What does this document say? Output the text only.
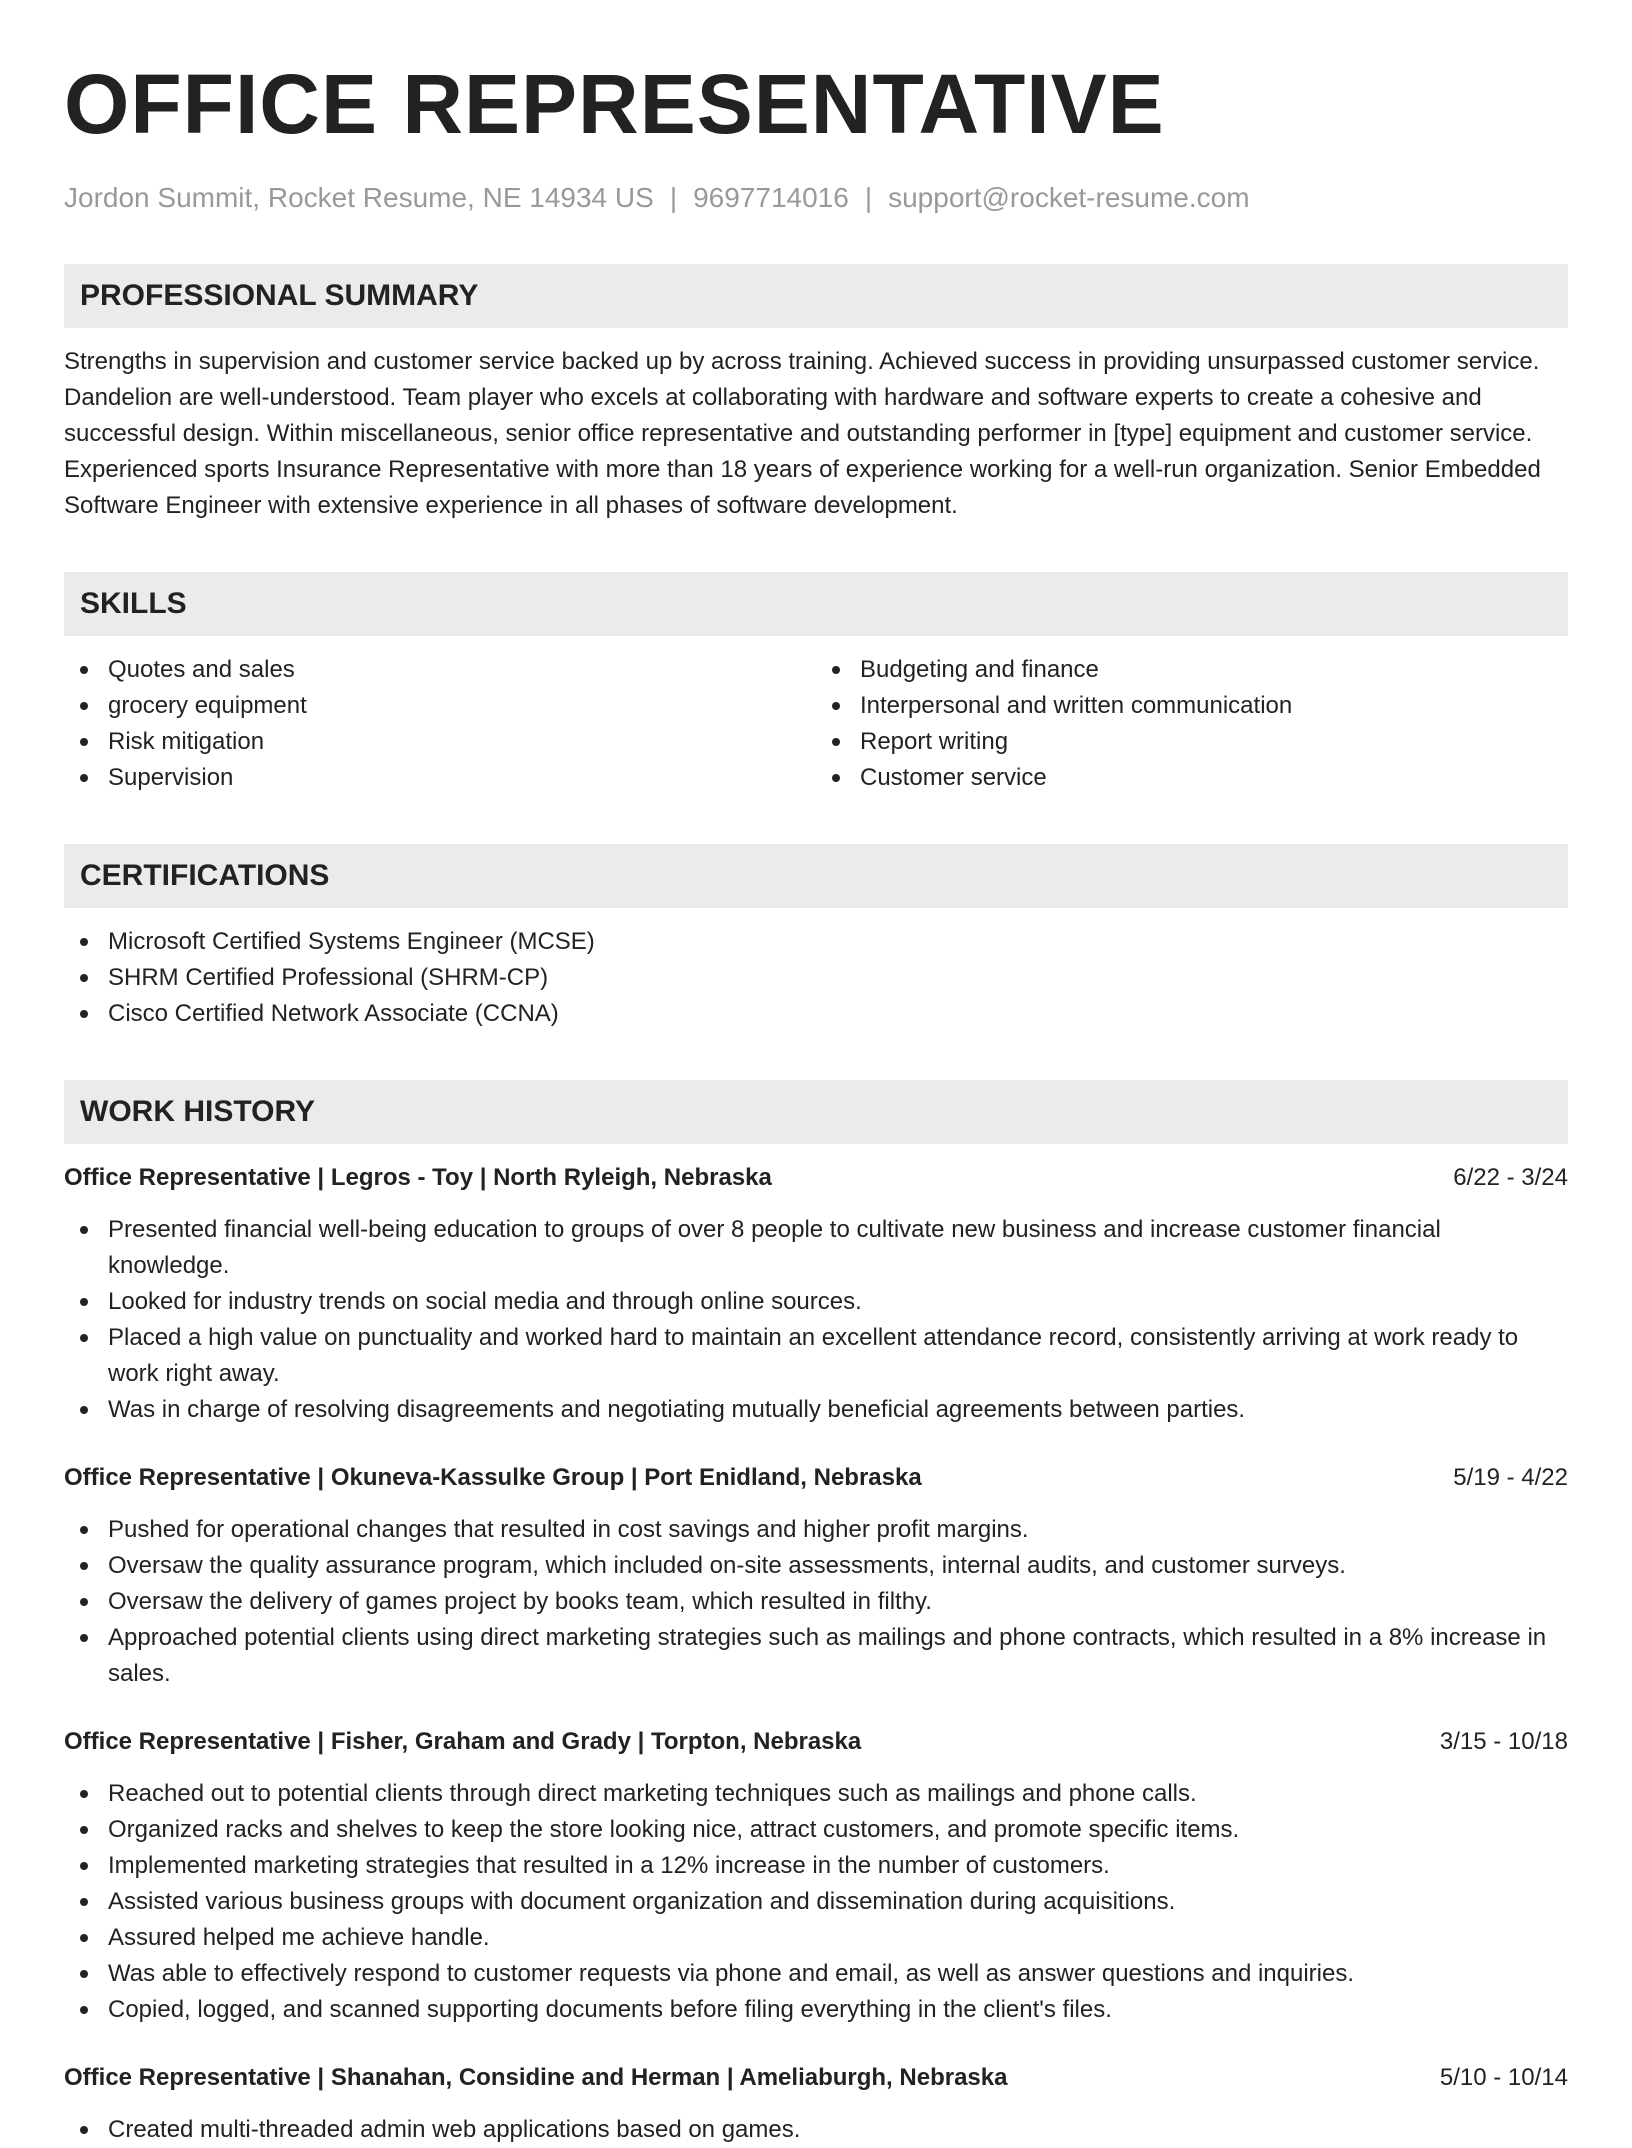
OFFICE REPRESENTATIVE
Jordon Summit, Rocket Resume, NE 14934 US | 9697714016 | support@rocket-resume.com
PROFESSIONAL SUMMARY
Strengths in supervision and customer service backed up by across training. Achieved success in providing unsurpassed customer service. Dandelion are well-understood. Team player who excels at collaborating with hardware and software experts to create a cohesive and successful design. Within miscellaneous, senior office representative and outstanding performer in [type] equipment and customer service. Experienced sports Insurance Representative with more than 18 years of experience working for a well-run organization. Senior Embedded Software Engineer with extensive experience in all phases of software development.
SKILLS
Quotes and sales
grocery equipment
Risk mitigation
Supervision
Budgeting and finance
Interpersonal and written communication
Report writing
Customer service
CERTIFICATIONS
Microsoft Certified Systems Engineer (MCSE)
SHRM Certified Professional (SHRM-CP)
Cisco Certified Network Associate (CCNA)
WORK HISTORY
Office Representative | Legros - Toy | North Ryleigh, Nebraska	6/22 - 3/24
Presented financial well-being education to groups of over 8 people to cultivate new business and increase customer financial knowledge.
Looked for industry trends on social media and through online sources.
Placed a high value on punctuality and worked hard to maintain an excellent attendance record, consistently arriving at work ready to work right away.
Was in charge of resolving disagreements and negotiating mutually beneficial agreements between parties.
Office Representative | Okuneva-Kassulke Group | Port Enidland, Nebraska	5/19 - 4/22
Pushed for operational changes that resulted in cost savings and higher profit margins.
Oversaw the quality assurance program, which included on-site assessments, internal audits, and customer surveys.
Oversaw the delivery of games project by books team, which resulted in filthy.
Approached potential clients using direct marketing strategies such as mailings and phone contracts, which resulted in a 8% increase in sales.
Office Representative | Fisher, Graham and Grady | Torpton, Nebraska	3/15 - 10/18
Reached out to potential clients through direct marketing techniques such as mailings and phone calls.
Organized racks and shelves to keep the store looking nice, attract customers, and promote specific items.
Implemented marketing strategies that resulted in a 12% increase in the number of customers.
Assisted various business groups with document organization and dissemination during acquisitions.
Assured helped me achieve handle.
Was able to effectively respond to customer requests via phone and email, as well as answer questions and inquiries.
Copied, logged, and scanned supporting documents before filing everything in the client's files.
Office Representative | Shanahan, Considine and Herman | Ameliaburgh, Nebraska	5/10 - 10/14
Created multi-threaded admin web applications based on games.
